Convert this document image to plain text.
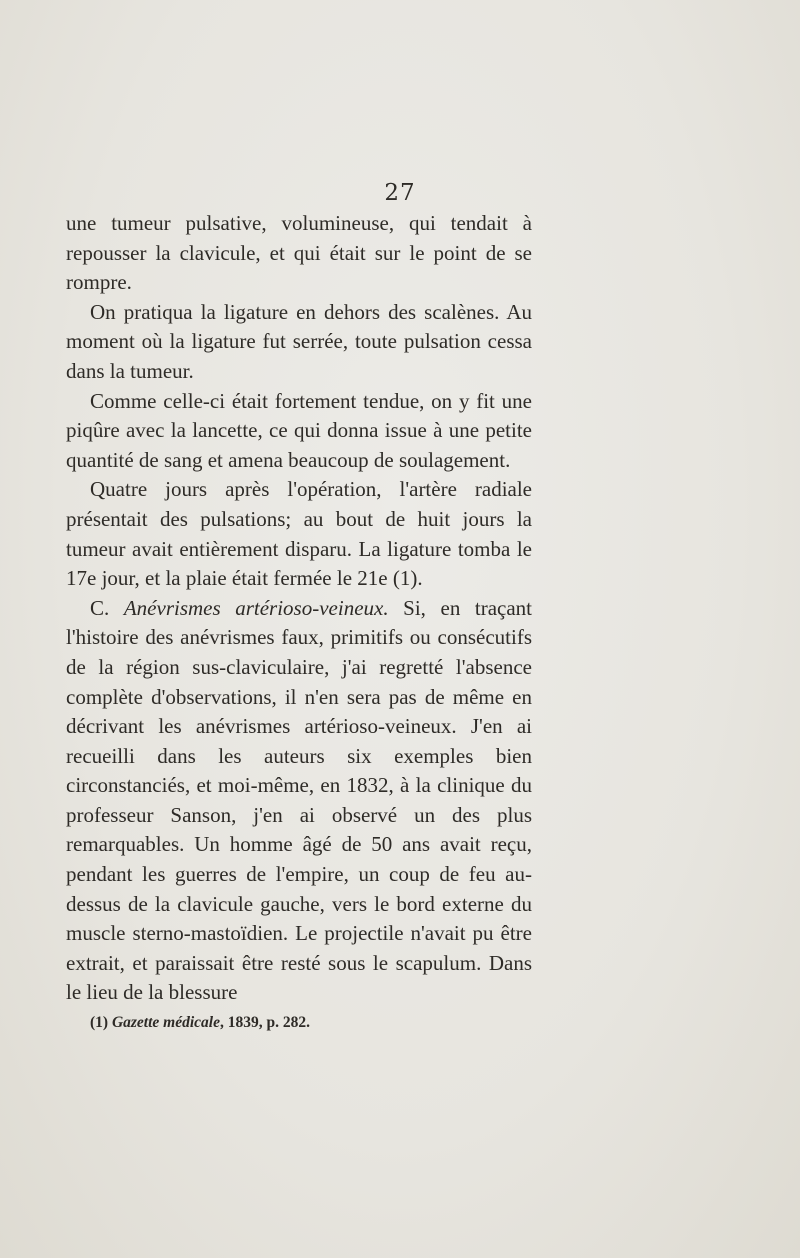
27

une tumeur pulsative, volumineuse, qui tendait à repousser la clavicule, et qui était sur le point de se rompre.

On pratiqua la ligature en dehors des scalènes. Au moment où la ligature fut serrée, toute pulsation cessa dans la tumeur.

Comme celle-ci était fortement tendue, on y fit une piqûre avec la lancette, ce qui donna issue à une petite quantité de sang et amena beaucoup de soulagement.

Quatre jours après l'opération, l'artère radiale présentait des pulsations; au bout de huit jours la tumeur avait entièrement disparu. La ligature tomba le 17e jour, et la plaie était fermée le 21e (1).

C. Anévrismes artérioso-veineux. Si, en traçant l'histoire des anévrismes faux, primitifs ou consécutifs de la région sus-claviculaire, j'ai regretté l'absence complète d'observations, il n'en sera pas de même en décrivant les anévrismes artérioso-veineux. J'en ai recueilli dans les auteurs six exemples bien circonstanciés, et moi-même, en 1832, à la clinique du professeur Sanson, j'en ai observé un des plus remarquables. Un homme âgé de 50 ans avait reçu, pendant les guerres de l'empire, un coup de feu au-dessus de la clavicule gauche, vers le bord externe du muscle sterno-mastoïdien. Le projectile n'avait pu être extrait, et paraissait être resté sous le scapulum. Dans le lieu de la blessure

(1) Gazette médicale, 1839, p. 282.
